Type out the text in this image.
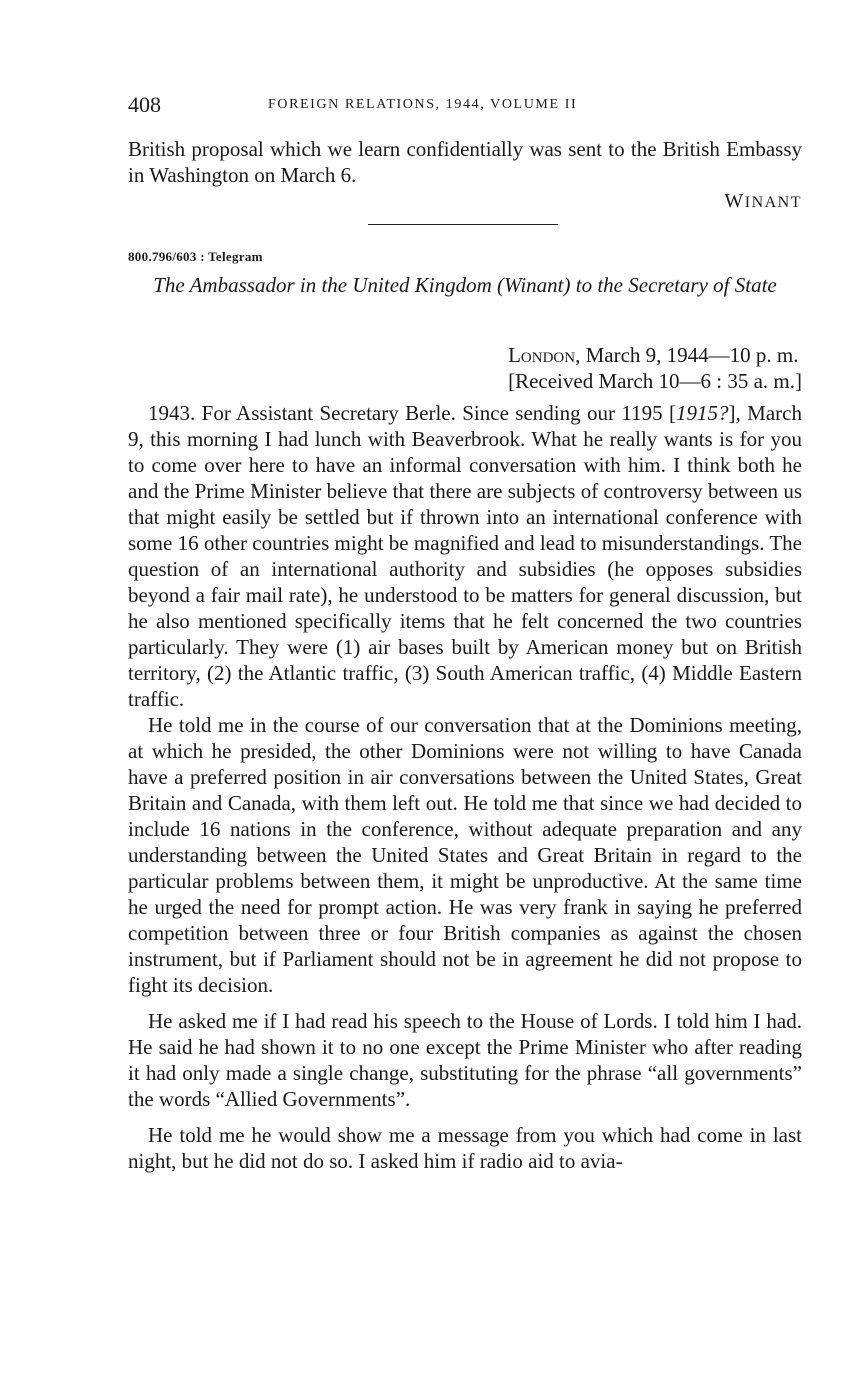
408	FOREIGN RELATIONS, 1944, VOLUME II

British proposal which we learn confidentially was sent to the British Embassy in Washington on March 6.

WINANT
800.796/603 : Telegram
The Ambassador in the United Kingdom (Winant) to the Secretary of State
London, March 9, 1944—10 p. m.
[Received March 10—6 : 35 a. m.]

1943. For Assistant Secretary Berle. Since sending our 1195 [1915?], March 9, this morning I had lunch with Beaverbrook. What he really wants is for you to come over here to have an informal conversation with him. I think both he and the Prime Minister believe that there are subjects of controversy between us that might easily be settled but if thrown into an international conference with some 16 other countries might be magnified and lead to misunderstandings. The question of an international authority and subsidies (he opposes subsidies beyond a fair mail rate), he understood to be matters for general discussion, but he also mentioned specifically items that he felt concerned the two countries particularly. They were (1) air bases built by American money but on British territory, (2) the Atlantic traffic, (3) South American traffic, (4) Middle Eastern traffic.

He told me in the course of our conversation that at the Dominions meeting, at which he presided, the other Dominions were not willing to have Canada have a preferred position in air conversations between the United States, Great Britain and Canada, with them left out. He told me that since we had decided to include 16 nations in the conference, without adequate preparation and any understanding between the United States and Great Britain in regard to the particular problems between them, it might be unproductive. At the same time he urged the need for prompt action. He was very frank in saying he preferred competition between three or four British companies as against the chosen instrument, but if Parliament should not be in agreement he did not propose to fight its decision.

He asked me if I had read his speech to the House of Lords. I told him I had. He said he had shown it to no one except the Prime Minister who after reading it had only made a single change, substituting for the phrase “all governments” the words “Allied Governments”.

He told me he would show me a message from you which had come in last night, but he did not do so. I asked him if radio aid to avia-
